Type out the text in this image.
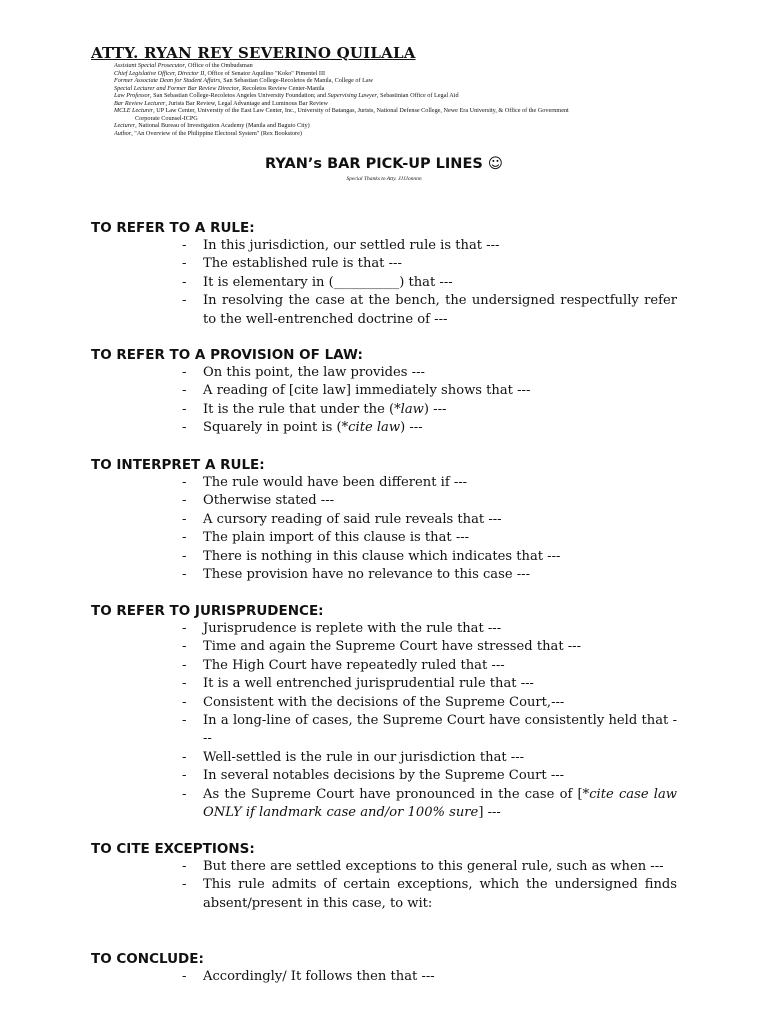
ATTY. RYAN REY SEVERINO QUILALA
Assistant Special Prosecutor, Office of the Ombudsman
Chief Legislative Officer, Director II, Office of Senator Aquilino "Koko" Pimentel III
Former Associate Dean for Student Affairs, San Sebastian College-Recoletos de Manila, College of Law
Special Lecturer and Former Bar Review Director, Recoletos Review Center-Manila
Law Professor, San Sebastian College-Recoletos Angeles University Foundation; and Supervising Lawyer, Sebastinian Office of Legal Aid
Bar Review Lecturer, Jurists Bar Review, Legal Advantage and Luminous Bar Review
MCLE Lecturer, UP Law Center, University of the East Law Center, Inc., University of Batangas, Jurists, National Defense College, Newe Era University, & Office of the Government
Corporate Counsel-ICPG
Lecturer, National Bureau of Investigation Academy (Manila and Baguio City)
Author, "An Overview of the Philippine Electoral System" (Rex Bookstore)
RYAN’s BAR PICK-UP LINES ☺
Special Thanks to Atty. JJJJonnnn
TO REFER TO A RULE:
- In this jurisdiction, our settled rule is that ---
- The established rule is that ---
- It is elementary in (__________) that ---
- In resolving the case at the bench, the undersigned respectfully refer to the well-entrenched doctrine of ---
TO REFER TO A PROVISION OF LAW:
- On this point, the law provides ---
- A reading of [cite law] immediately shows that ---
- It is the rule that under the (*law) ---
- Squarely in point is (*cite law) ---
TO INTERPRET A RULE:
- The rule would have been different if ---
- Otherwise stated ---
- A cursory reading of said rule reveals that ---
- The plain import of this clause is that ---
- There is nothing in this clause which indicates that ---
- These provision have no relevance to this case ---
TO REFER TO JURISPRUDENCE:
- Jurisprudence is replete with the rule that ---
- Time and again the Supreme Court have stressed that ---
- The High Court have repeatedly ruled that ---
- It is a well entrenched jurisprudential rule that ---
- Consistent with the decisions of the Supreme Court,---
- In a long-line of cases, the Supreme Court have consistently held that ---
- Well-settled is the rule in our jurisdiction that ---
- In several notables decisions by the Supreme Court ---
- As the Supreme Court have pronounced in the case of [*cite case law ONLY if landmark case and/or 100% sure] ---
TO CITE EXCEPTIONS:
- But there are settled exceptions to this general rule, such as when ---
- This rule admits of certain exceptions, which the undersigned finds absent/present in this case, to wit:
TO CONCLUDE:
- Accordingly/ It follows then that ---
